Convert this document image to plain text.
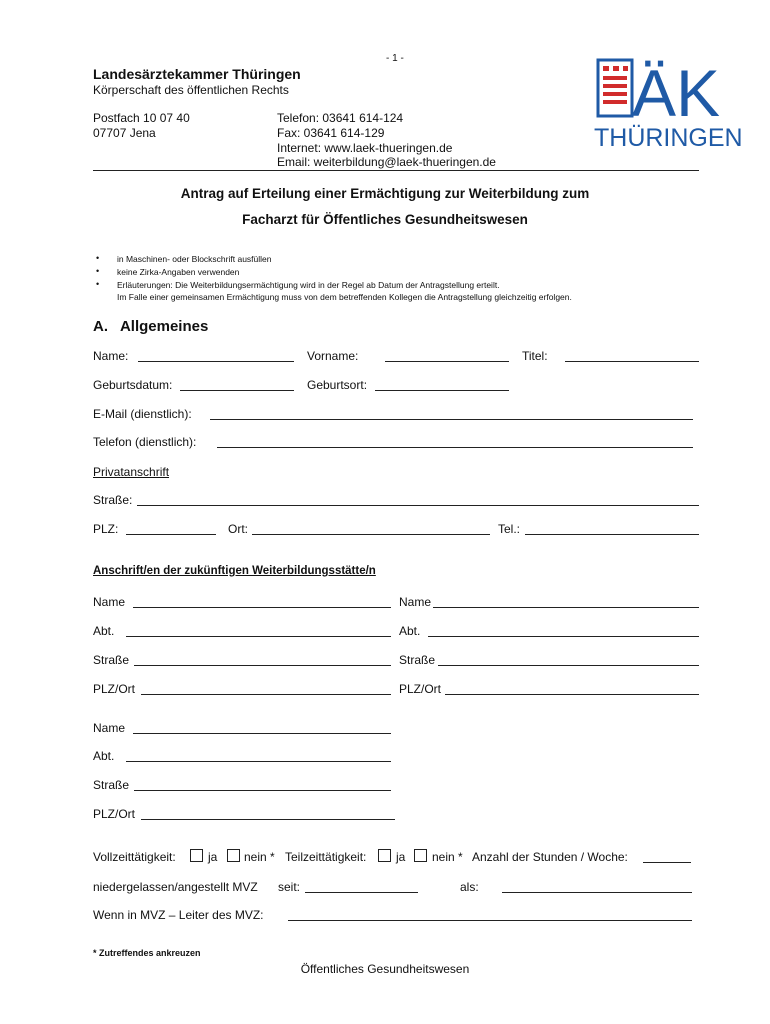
- 1 -
Landesärztekammer Thüringen
Körperschaft des öffentlichen Rechts
Postfach 10 07 40
07707 Jena
Telefon: 03641 614-124
Fax: 03641 614-129
Internet: www.laek-thueringen.de
Email: weiterbildung@laek-thueringen.de
ÄK
THÜRINGEN
Antrag auf Erteilung einer Ermächtigung zur Weiterbildung zum
Facharzt für Öffentliches Gesundheitswesen
• in Maschinen- oder Blockschrift ausfüllen
• keine Zirka-Angaben verwenden
• Erläuterungen: Die Weiterbildungsermächtigung wird in der Regel ab Datum der Antragstellung erteilt.
Im Falle einer gemeinsamen Ermächtigung muss von dem betreffenden Kollegen die Antragstellung gleichzeitig erfolgen.
A.   Allgemeines
Name:	Vorname:	Titel:
Geburtsdatum:	Geburtsort:
E-Mail (dienstlich):
Telefon (dienstlich):
Privatanschrift
Straße:
PLZ:	Ort:	Tel.:
Anschrift/en der zukünftigen Weiterbildungsstätte/n
Name	Name
Abt.	Abt.
Straße	Straße
PLZ/Ort	PLZ/Ort
Name
Abt.
Straße
PLZ/Ort
Vollzeittätigkeit:	ja nein * Teilzeittätigkeit: ja nein * Anzahl der Stunden / Woche:
niedergelassen/angestellt MVZ seit:	als:
Wenn in MVZ – Leiter des MVZ:
* Zutreffendes ankreuzen
Öffentliches Gesundheitswesen
